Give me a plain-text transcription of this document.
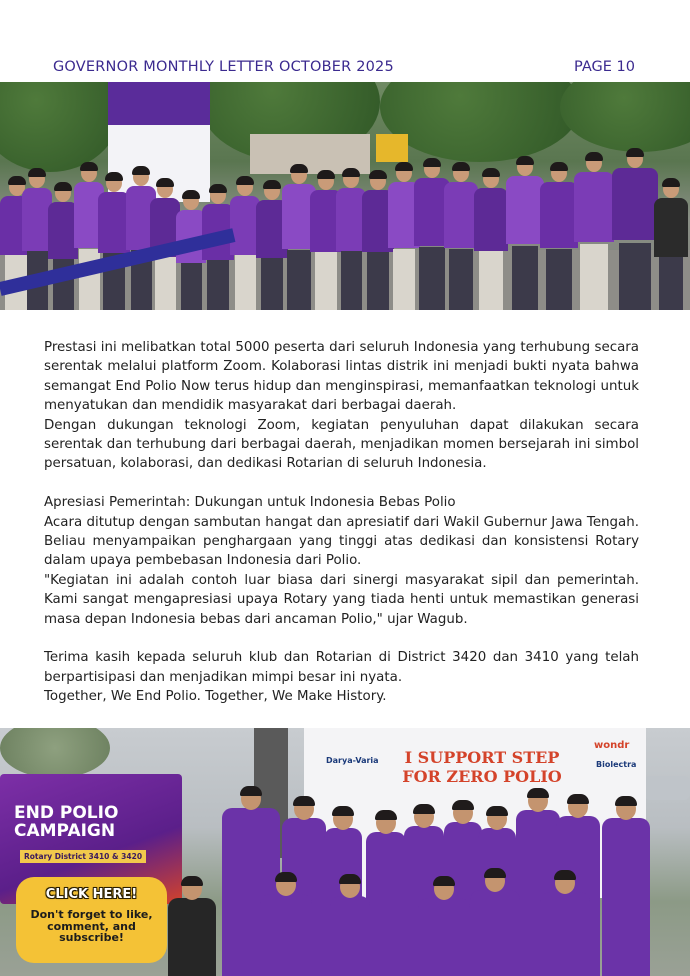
GOVERNOR MONTHLY LETTER OCTOBER 2025	PAGE 10

Prestasi ini melibatkan total 5000 peserta dari seluruh Indonesia yang terhubung secara serentak melalui platform Zoom. Kolaborasi lintas distrik ini menjadi bukti nyata bahwa semangat End Polio Now terus hidup dan menginspirasi, memanfaatkan teknologi untuk menyatukan dan mendidik masyarakat dari berbagai daerah.

Dengan dukungan teknologi Zoom, kegiatan penyuluhan dapat dilakukan secara serentak dan terhubung dari berbagai daerah, menjadikan momen bersejarah ini simbol persatuan, kolaborasi, dan dedikasi Rotarian di seluruh Indonesia.

Apresiasi Pemerintah: Dukungan untuk Indonesia Bebas Polio

Acara ditutup dengan sambutan hangat dan apresiatif dari Wakil Gubernur Jawa Tengah. Beliau menyampaikan penghargaan yang tinggi atas dedikasi dan konsistensi Rotary dalam upaya pembebasan Indonesia dari Polio.

"Kegiatan ini adalah contoh luar biasa dari sinergi masyarakat sipil dan pemerintah. Kami sangat mengapresiasi upaya Rotary yang tiada henti untuk memastikan generasi masa depan Indonesia bebas dari ancaman Polio," ujar Wagub.

Terima kasih kepada seluruh klub dan Rotarian di District 3420 dan 3410 yang telah berpartisipasi dan menjadikan mimpi besar ini nyata.

Together, We End Polio. Together, We Make History.

Darya-Varia
wondr
Biolectra
I SUPPORT STEP FOR ZERO POLIO
END POLIO CAMPAIGN
Rotary District 3410 & 3420
CLICK HERE!
Don't forget to like, comment, and subscribe!
